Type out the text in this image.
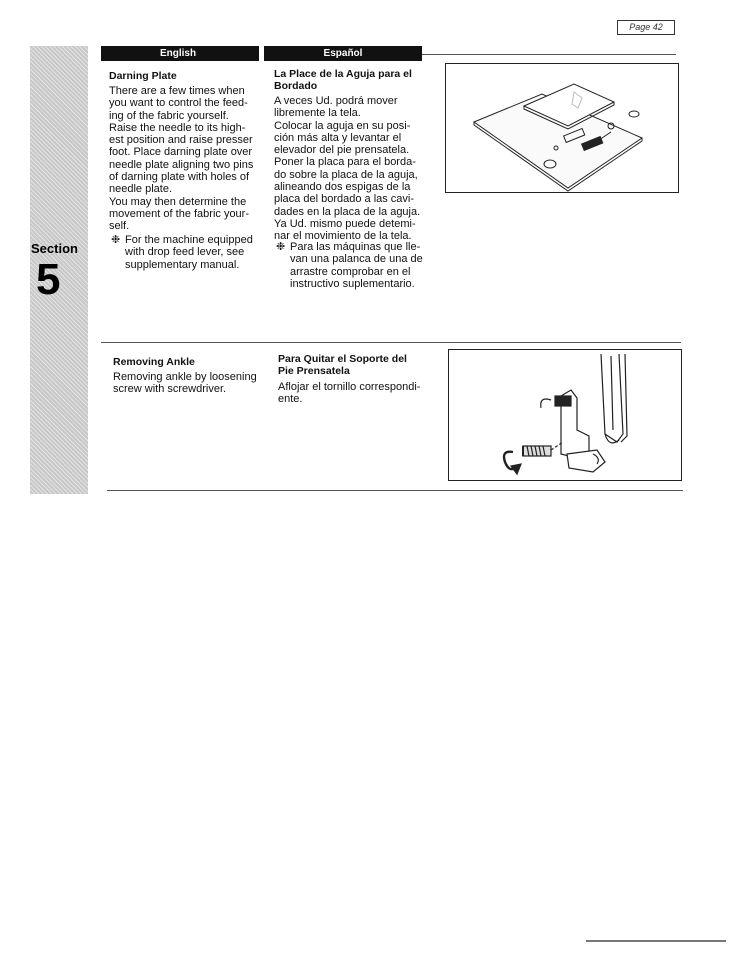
Page 42
Section
5
English	Español
Darning Plate
There are a few times when
you want to control the feed-
ing of the fabric yourself.
Raise the needle to its high-
est position and raise presser
foot. Place darning plate over
needle plate aligning two pins
of darning plate with holes of
needle plate.
You may then determine the
movement of the fabric your-
self.
❉ For the machine equipped
with drop feed lever, see
supplementary manual.
La Place de la Aguja para el
Bordado
A veces Ud. podrá mover
libremente la tela.
Colocar la aguja en su posi-
ción más alta y levantar el
elevador del pie prensatela.
Poner la placa para el borda-
do sobre la placa de la aguja,
alineando dos espigas de la
placa del bordado a las cavi-
dades en la placa de la aguja.
Ya Ud. mismo puede detemi-
nar el movimiento de la tela.
❉ Para las máquinas que lle-
van una palanca de una de
arrastre comprobar en el
instructivo suplementario.
Removing Ankle
Removing ankle by loosening
screw with screwdriver.
Para Quitar el Soporte del
Pie Prensatela
Aflojar el tornillo correspondi-
ente.
